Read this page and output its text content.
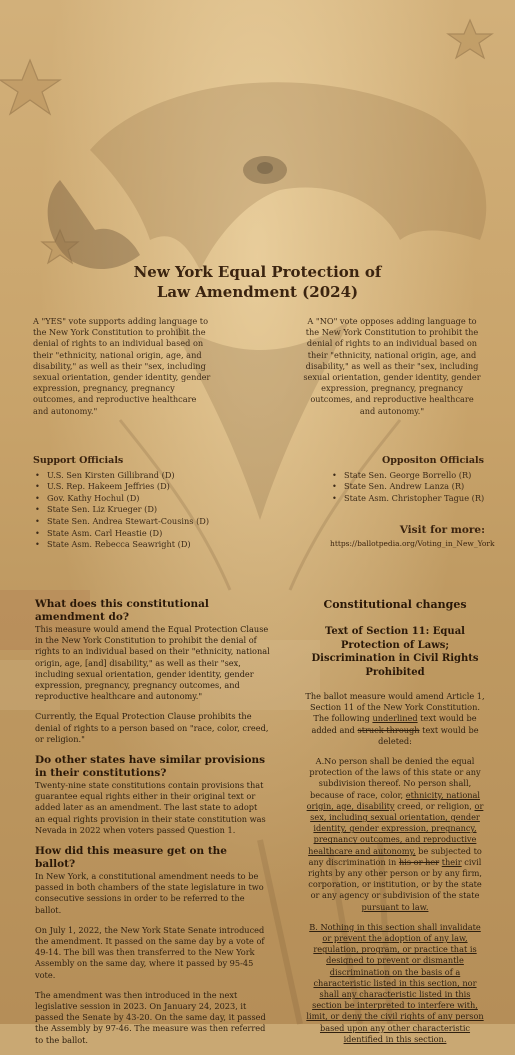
New York Equal Protection of Law Amendment (2024)
A "YES" vote supports adding language to the New York Constitution to prohibit the denial of rights to an individual based on their "ethnicity, national origin, age, and disability," as well as their "sex, including sexual orientation, gender identity, gender expression, pregnancy, pregnancy outcomes, and reproductive healthcare and autonomy."
A "NO" vote opposes adding language to the New York Constitution to prohibit the denial of rights to an individual based on their "ethnicity, national origin, age, and disability," as well as their "sex, including sexual orientation, gender identity, gender expression, pregnancy, pregnancy outcomes, and reproductive healthcare and autonomy."
Support Officials
• U.S. Sen Kirsten Gillibrand (D)
• U.S. Rep. Hakeem Jeffries (D)
• Gov. Kathy Hochul (D)
• State Sen. Liz Krueger (D)
• State Sen. Andrea Stewart-Cousins (D)
• State Asm. Carl Heastie (D)
• State Asm. Rebecca Seawright (D)
Oppositon Officials
• State Sen. George Borrello (R)
• State Sen. Andrew Lanza (R)
• State Asm. Christopher Tague (R)
Visit for more:
https://ballotpedia.org/Voting_in_New_York
What does this constitutional amendment do?

This measure would amend the Equal Protection Clause in the New York Constitution to prohibit the denial of rights to an individual based on their "ethnicity, national origin, age, [and] disability," as well as their "sex, including sexual orientation, gender identity, gender expression, pregnancy, pregnancy outcomes, and reproductive healthcare and autonomy."

Currently, the Equal Protection Clause prohibits the denial of rights to a person based on "race, color, creed, or religion."

Do other states have similar provisions in their constitutions?

Twenty-nine state constitutions contain provisions that guarantee equal rights either in their original text or added later as an amendment. The last state to adopt an equal rights provision in their state constitution was Nevada in 2022 when voters passed Question 1.

How did this measure get on the ballot?

In New York, a constitutional amendment needs to be passed in both chambers of the state legislature in two consecutive sessions in order to be referred to the ballot.

On July 1, 2022, the New York State Senate introduced the amendment. It passed on the same day by a vote of 49-14. The bill was then transferred to the New York Assembly on the same day, where it passed by 95-45 vote.

The amendment was then introduced in the next legislative session in 2023. On January 24, 2023, it passed the Senate by 43-20. On the same day, it passed the Assembly by 97-46. The measure was then referred to the ballot.

Constitutional changes
Text of Section 11: Equal Protection of Laws; Discrimination in Civil Rights Prohibited

The ballot measure would amend Article 1, Section 11 of the New York Constitution. The following underlined text would be added and struck-through text would be deleted:

A.No person shall be denied the equal protection of the laws of this state or any subdivision thereof. No person shall, because of race, color, ethnicity, national origin, age, disability creed, or religion, or sex, including sexual orientation, gender identity, gender expression, pregnancy, pregnancy outcomes, and reproductive healthcare and autonomy, be subjected to any discrimination in his or her their civil rights by any other person or by any firm, corporation, or institution, or by the state or any agency or subdivision of the state pursuant to law.

B. Nothing in this section shall invalidate or prevent the adoption of any law, regulation, program, or practice that is designed to prevent or dismantle discrimination on the basis of a characteristic listed in this section, nor shall any characteristic listed in this section be interpreted to interfere with, limit, or deny the civil rights of any person based upon any other characteristic identified in this section.
